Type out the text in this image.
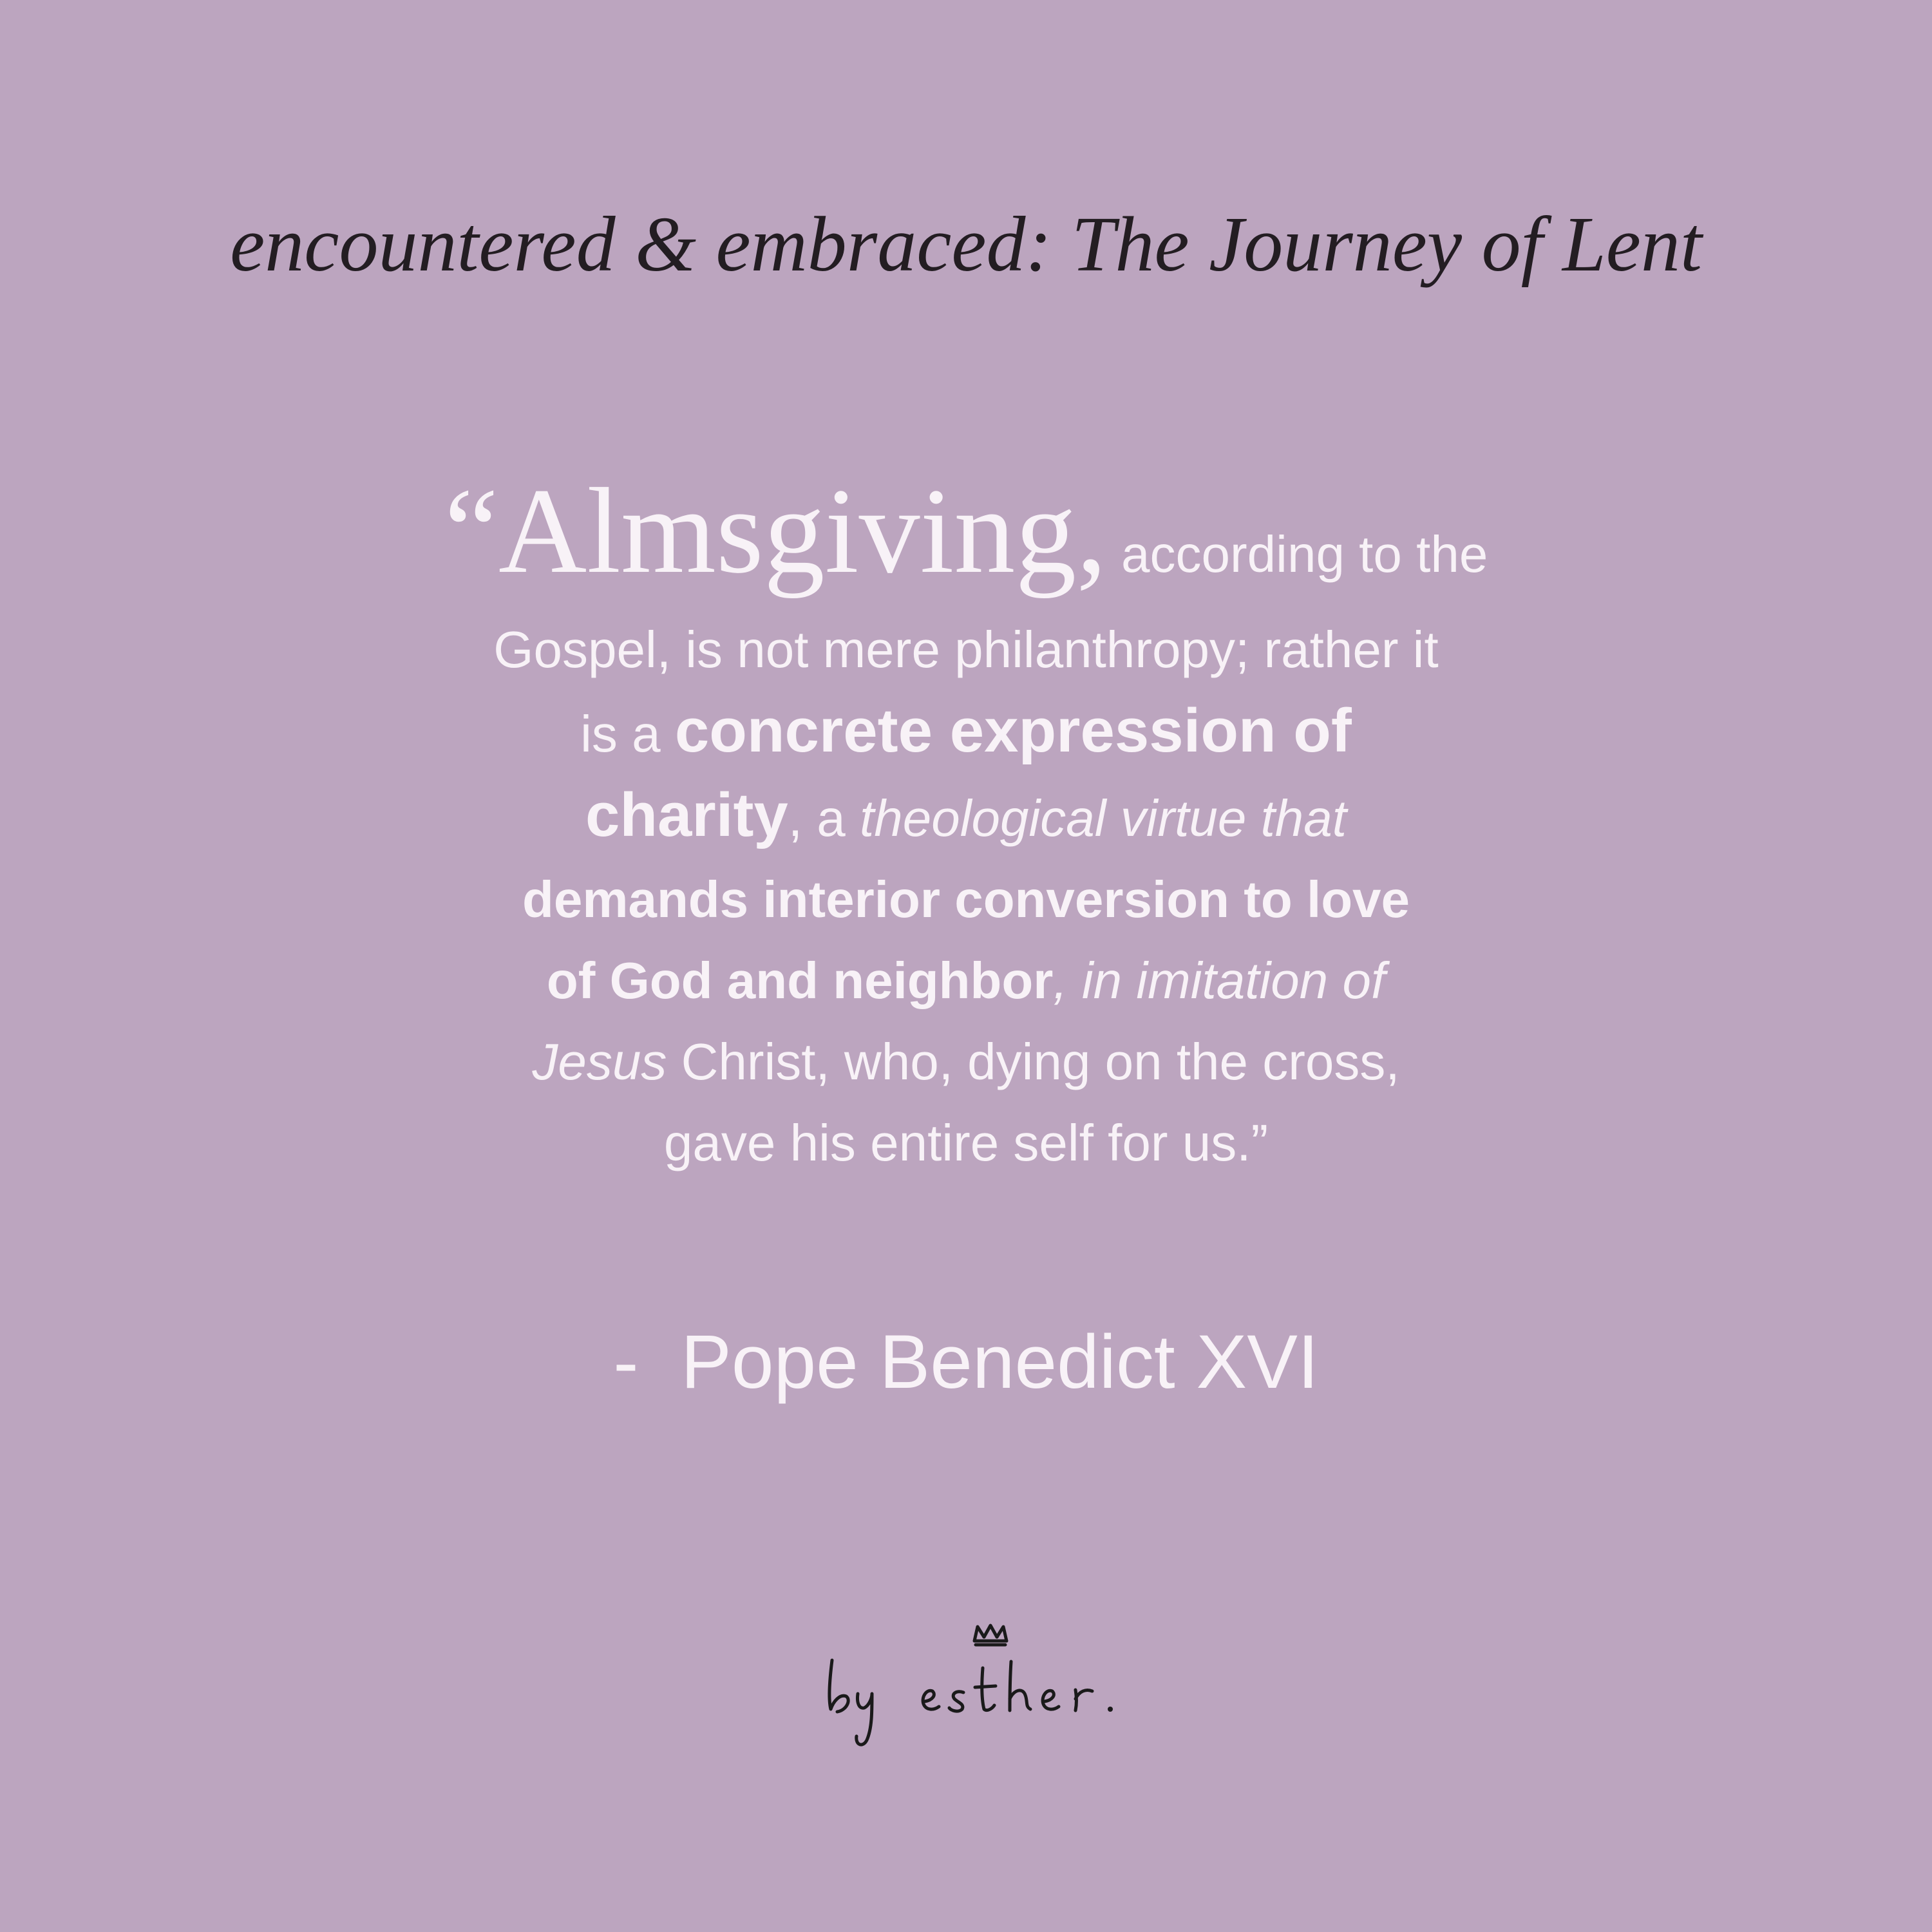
encountered & embraced: The Journey of Lent
“Almsgiving, according to the
Gospel, is not mere philanthropy; rather it
is a concrete expression of
charity, a theological virtue that
demands interior conversion to love
of God and neighbor, in imitation of
Jesus Christ, who, dying on the cross,
gave his entire self for us.”
-  Pope Benedict XVI
